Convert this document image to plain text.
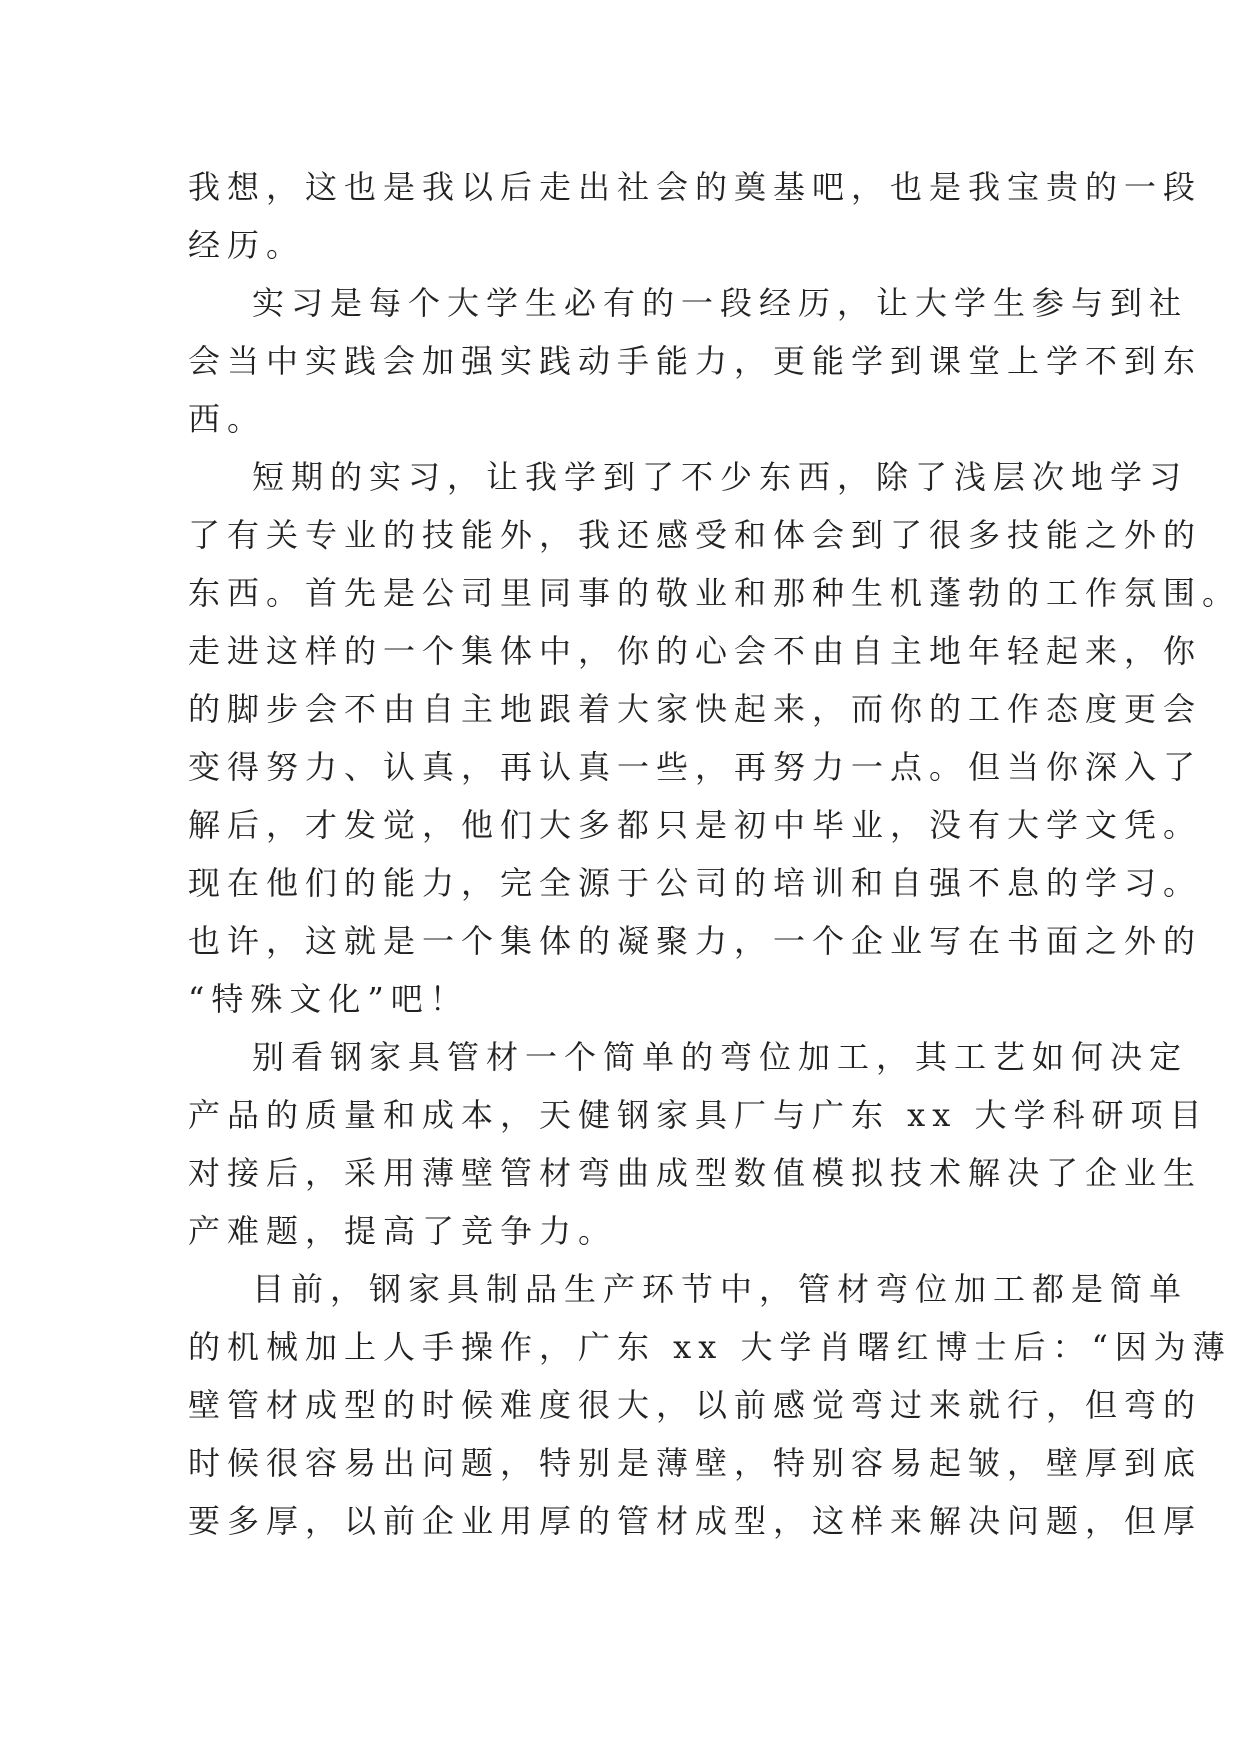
我想，这也是我以后走出社会的奠基吧，也是我宝贵的一段
经历。
实习是每个大学生必有的一段经历，让大学生参与到社
会当中实践会加强实践动手能力，更能学到课堂上学不到东
西。
短期的实习，让我学到了不少东西，除了浅层次地学习
了有关专业的技能外，我还感受和体会到了很多技能之外的
东西。首先是公司里同事的敬业和那种生机蓬勃的工作氛围。
走进这样的一个集体中，你的心会不由自主地年轻起来，你
的脚步会不由自主地跟着大家快起来，而你的工作态度更会
变得努力、认真，再认真一些，再努力一点。但当你深入了
解后，才发觉，他们大多都只是初中毕业，没有大学文凭。
现在他们的能力，完全源于公司的培训和自强不息的学习。
也许，这就是一个集体的凝聚力，一个企业写在书面之外的
“特殊文化”吧！
别看钢家具管材一个简单的弯位加工，其工艺如何决定
产品的质量和成本，天健钢家具厂与广东 xx 大学科研项目
对接后，采用薄壁管材弯曲成型数值模拟技术解决了企业生
产难题，提高了竞争力。
目前，钢家具制品生产环节中，管材弯位加工都是简单
的机械加上人手操作，广东 xx 大学肖曙红博士后：“因为薄
壁管材成型的时候难度很大，以前感觉弯过来就行，但弯的
时候很容易出问题，特别是薄壁，特别容易起皱，壁厚到底
要多厚，以前企业用厚的管材成型，这样来解决问题，但厚
